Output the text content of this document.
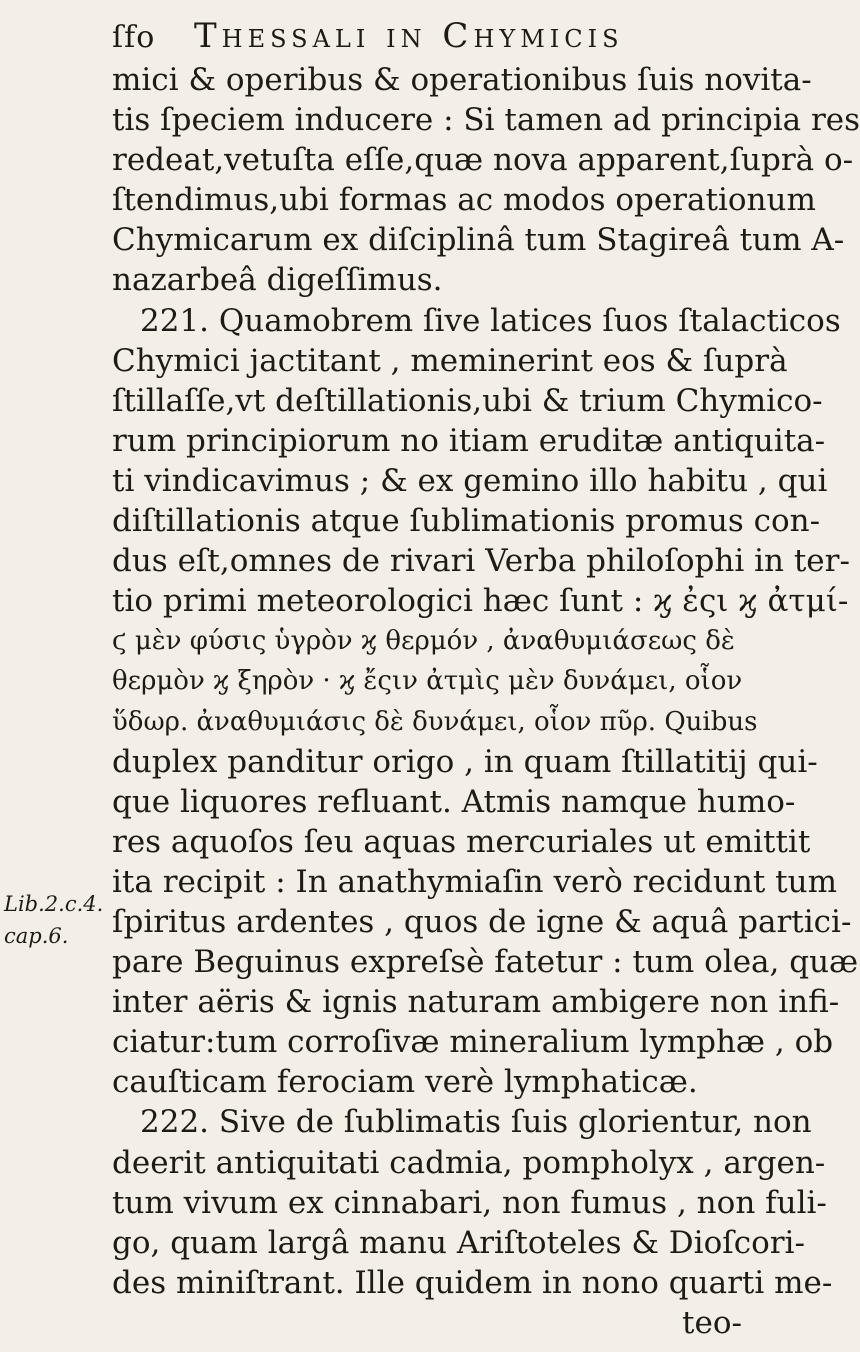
ſfo	Thessali in Chymicis
mici & operibus & operationibus ſuis novita-
tis ſpeciem inducere : Si tamen ad principia res
redeat,vetuſta eſſe,quæ nova apparent,ſuprà o-
ſtendimus,ubi formas ac modos operationum
Chymicarum ex diſciplinâ tum Stagireâ tum A-
nazarbeâ digeſſimus.
221. Quamobrem ſive latices ſuos ſtalacticos
Chymici jactitant , meminerint eos & ſuprà
ſtillaſſe,vt deſtillationis,ubi & trium Chymico-
rum principiorum no itiam eruditæ antiquita-
ti vindicavimus ; & ex gemino illo habitu , qui
diſtillationis atque ſublimationis promus con-
dus eſt,omnes de rivari Verba philoſophi in ter-
tio primi meteorologici hæc ſunt : ϗ ἐςι ϗ ἀτμί-
ϛ μὲν φύσις ὑγρὸν ϗ θερμόν , ἀναθυμιάσεως δὲ
θερμὸν ϗ ξηρὸν · ϗ ἔςιν ἀτμὶς μὲν δυνάμει, οἷον
ὕδωρ. ἀναθυμιάσις δὲ δυνάμει, οἷον πῦρ. Quibus
duplex panditur origo , in quam ſtillatitij qui-
que liquores refluant. Atmis namque humo-
res aquoſos ſeu aquas mercuriales ut emittit
ita recipit : In anathymiaſin verò recidunt tum
ſpiritus ardentes , quos de igne & aquâ partici-
pare Beguinus expreſsè fatetur : tum olea, quæ
inter aëris & ignis naturam ambigere non infi-
ciatur:tum corroſivæ mineralium lymphæ , ob
cauſticam ferociam verè lymphaticæ.
222. Sive de ſublimatis ſuis glorientur, non
deerit antiquitati cadmia, pompholyx , argen-
tum vivum ex cinnabari, non fumus , non fuli-
go, quam largâ manu Ariſtoteles & Dioſcori-
des miniſtrant. Ille quidem in nono quarti me-
teo-
Lib.2.c.4.
cap.6.
